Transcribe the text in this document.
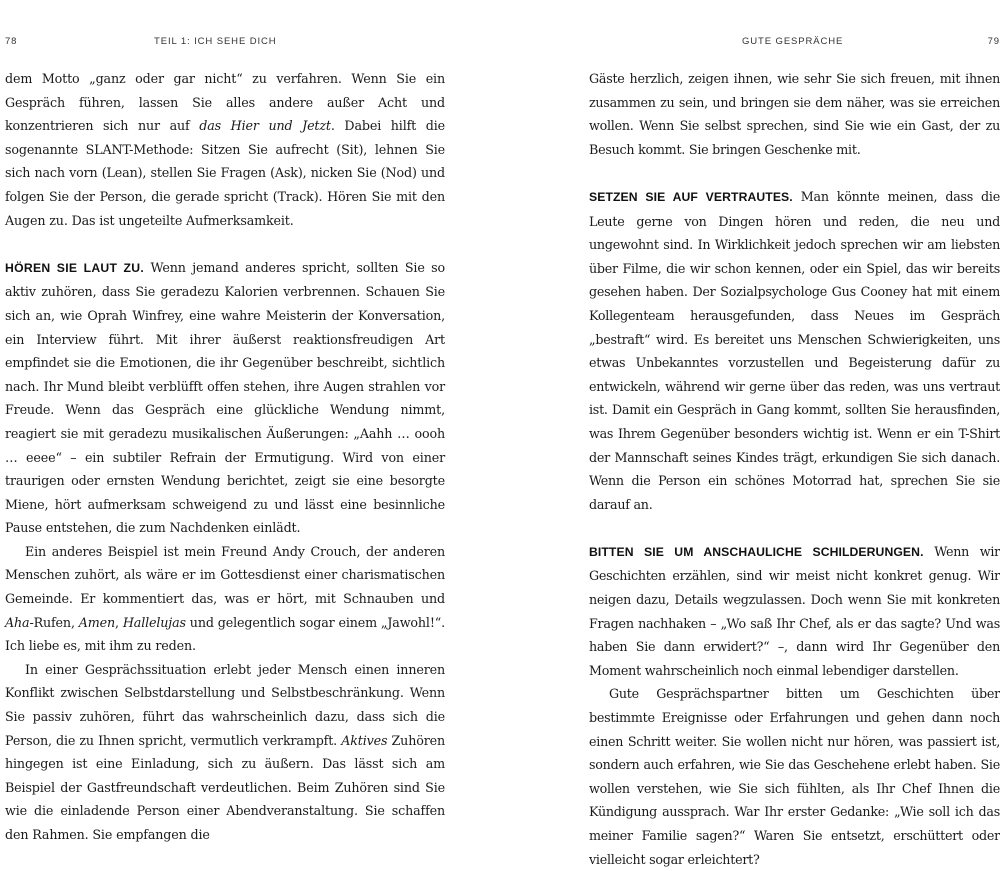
78	TEIL 1: ICH SEHE DICH

dem Motto „ganz oder gar nicht“ zu verfahren. Wenn Sie ein Gespräch führen, lassen Sie alles andere außer Acht und konzentrieren sich nur auf das Hier und Jetzt. Dabei hilft die sogenannte SLANT-Methode: Sitzen Sie aufrecht (Sit), lehnen Sie sich nach vorn (Lean), stellen Sie Fragen (Ask), nicken Sie (Nod) und folgen Sie der Person, die gerade spricht (Track). Hören Sie mit den Augen zu. Das ist ungeteilte Aufmerksamkeit.

HÖREN SIE LAUT ZU. Wenn jemand anderes spricht, sollten Sie so aktiv zuhören, dass Sie geradezu Kalorien verbrennen. Schauen Sie sich an, wie Oprah Winfrey, eine wahre Meisterin der Konversation, ein Interview führt. Mit ihrer äußerst reaktionsfreudigen Art empfindet sie die Emotionen, die ihr Gegenüber beschreibt, sichtlich nach. Ihr Mund bleibt verblüfft offen stehen, ihre Augen strahlen vor Freude. Wenn das Gespräch eine glückliche Wendung nimmt, reagiert sie mit geradezu musikalischen Äußerungen: „Aahh … oooh … eeee“ – ein subtiler Refrain der Ermutigung. Wird von einer traurigen oder ernsten Wendung berichtet, zeigt sie eine besorgte Miene, hört aufmerksam schweigend zu und lässt eine besinnliche Pause entstehen, die zum Nachdenken einlädt.

Ein anderes Beispiel ist mein Freund Andy Crouch, der anderen Menschen zuhört, als wäre er im Gottesdienst einer charismatischen Gemeinde. Er kommentiert das, was er hört, mit Schnauben und Aha-Rufen, Amen, Hallelujas und gelegentlich sogar einem „Jawohl!“. Ich liebe es, mit ihm zu reden.

In einer Gesprächssituation erlebt jeder Mensch einen inneren Konflikt zwischen Selbstdarstellung und Selbstbeschränkung. Wenn Sie passiv zuhören, führt das wahrscheinlich dazu, dass sich die Person, die zu Ihnen spricht, vermutlich verkrampft. Aktives Zuhören hingegen ist eine Einladung, sich zu äußern. Das lässt sich am Beispiel der Gastfreundschaft verdeutlichen. Beim Zuhören sind Sie wie die einladende Person einer Abendveranstaltung. Sie schaffen den Rahmen. Sie empfangen die

GUTE GESPRÄCHE	79

Gäste herzlich, zeigen ihnen, wie sehr Sie sich freuen, mit ihnen zusammen zu sein, und bringen sie dem näher, was sie erreichen wollen. Wenn Sie selbst sprechen, sind Sie wie ein Gast, der zu Besuch kommt. Sie bringen Geschenke mit.

SETZEN SIE AUF VERTRAUTES. Man könnte meinen, dass die Leute gerne von Dingen hören und reden, die neu und ungewohnt sind. In Wirklichkeit jedoch sprechen wir am liebsten über Filme, die wir schon kennen, oder ein Spiel, das wir bereits gesehen haben. Der Sozialpsychologe Gus Cooney hat mit einem Kollegenteam herausgefunden, dass Neues im Gespräch „bestraft“ wird. Es bereitet uns Menschen Schwierigkeiten, uns etwas Unbekanntes vorzustellen und Begeisterung dafür zu entwickeln, während wir gerne über das reden, was uns vertraut ist. Damit ein Gespräch in Gang kommt, sollten Sie herausfinden, was Ihrem Gegenüber besonders wichtig ist. Wenn er ein T-Shirt der Mannschaft seines Kindes trägt, erkundigen Sie sich danach. Wenn die Person ein schönes Motorrad hat, sprechen Sie sie darauf an.

BITTEN SIE UM ANSCHAULICHE SCHILDERUNGEN. Wenn wir Geschichten erzählen, sind wir meist nicht konkret genug. Wir neigen dazu, Details wegzulassen. Doch wenn Sie mit konkreten Fragen nachhaken – „Wo saß Ihr Chef, als er das sagte? Und was haben Sie dann erwidert?“ –, dann wird Ihr Gegenüber den Moment wahrscheinlich noch einmal lebendiger darstellen.

Gute Gesprächspartner bitten um Geschichten über bestimmte Ereignisse oder Erfahrungen und gehen dann noch einen Schritt weiter. Sie wollen nicht nur hören, was passiert ist, sondern auch erfahren, wie Sie das Geschehene erlebt haben. Sie wollen verstehen, wie Sie sich fühlten, als Ihr Chef Ihnen die Kündigung aussprach. War Ihr erster Gedanke: „Wie soll ich das meiner Familie sagen?“ Waren Sie entsetzt, erschüttert oder vielleicht sogar erleichtert?
